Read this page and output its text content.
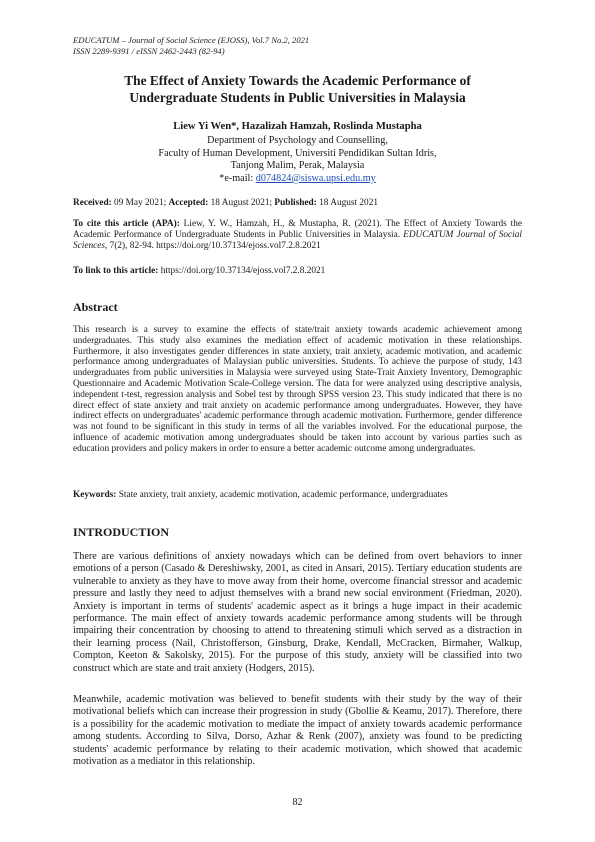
EDUCATUM – Journal of Social Science (EJOSS), Vol.7 No.2, 2021
ISSN 2289-9391 / eISSN 2462-2443 (82-94)
The Effect of Anxiety Towards the Academic Performance of
Undergraduate Students in Public Universities in Malaysia
Liew Yi Wen*, Hazalizah Hamzah, Roslinda Mustapha
Department of Psychology and Counselling,
Faculty of Human Development, Universiti Pendidikan Sultan Idris,
Tanjong Malim, Perak, Malaysia
*e-mail: d074824@siswa.upsi.edu.my
Received: 09 May 2021; Accepted: 18 August 2021; Published: 18 August 2021
To cite this article (APA): Liew, Y. W., Hamzah, H., & Mustapha, R. (2021). The Effect of Anxiety Towards the Academic Performance of Undergraduate Students in Public Universities in Malaysia. EDUCATUM Journal of Social Sciences, 7(2), 82-94. https://doi.org/10.37134/ejoss.vol7.2.8.2021
To link to this article: https://doi.org/10.37134/ejoss.vol7.2.8.2021
Abstract
This research is a survey to examine the effects of state/trait anxiety towards academic achievement among undergraduates. This study also examines the mediation effect of academic motivation in these relationships. Furthermore, it also investigates gender differences in state anxiety, trait anxiety, academic motivation, and academic performance among undergraduates of Malaysian public universities. Students. To achieve the purpose of study, 143 undergraduates from public universities in Malaysia were surveyed using State-Trait Anxiety Inventory, Demographic Questionnaire and Academic Motivation Scale-College version. The data for were analyzed using descriptive analysis, independent t-test, regression analysis and Sobel test by through SPSS version 23. This study indicated that there is no direct effect of state anxiety and trait anxiety on academic performance among undergraduates. However, they have indirect effects on undergraduates' academic performance through academic motivation. Furthermore, gender difference was not found to be significant in this study in terms of all the variables involved. For the educational purpose, the influence of academic motivation among undergraduates should be taken into account by various parties such as education providers and policy makers in order to ensure a better academic outcome among undergraduates.
Keywords: State anxiety, trait anxiety, academic motivation, academic performance, undergraduates
INTRODUCTION
There are various definitions of anxiety nowadays which can be defined from overt behaviors to inner emotions of a person (Casado & Dereshiwsky, 2001, as cited in Ansari, 2015). Tertiary education students are vulnerable to anxiety as they have to move away from their home, overcome financial stressor and academic pressure and lastly they need to adjust themselves with a brand new social environment (Friedman, 2020). Anxiety is important in terms of students' academic aspect as it brings a huge impact in their academic performance. The main effect of anxiety towards academic performance among students will be through impairing their concentration by choosing to attend to threatening stimuli which served as a distraction in their learning process (Nail, Christofferson, Ginsburg, Drake, Kendall, McCracken, Birmaher, Walkup, Compton, Keeton & Sakolsky, 2015). For the purpose of this study, anxiety will be classified into two construct which are state and trait anxiety (Hodgers, 2015).
Meanwhile, academic motivation was believed to benefit students with their study by the way of their motivational beliefs which can increase their progression in study (Gbollie & Keamu, 2017). Therefore, there is a possibility for the academic motivation to mediate the impact of anxiety towards academic performance among students. According to Silva, Dorso, Azhar & Renk (2007), anxiety was found to be predicting students' academic performance by relating to their academic motivation, which showed that academic motivation as a mediator in this relationship.
82
